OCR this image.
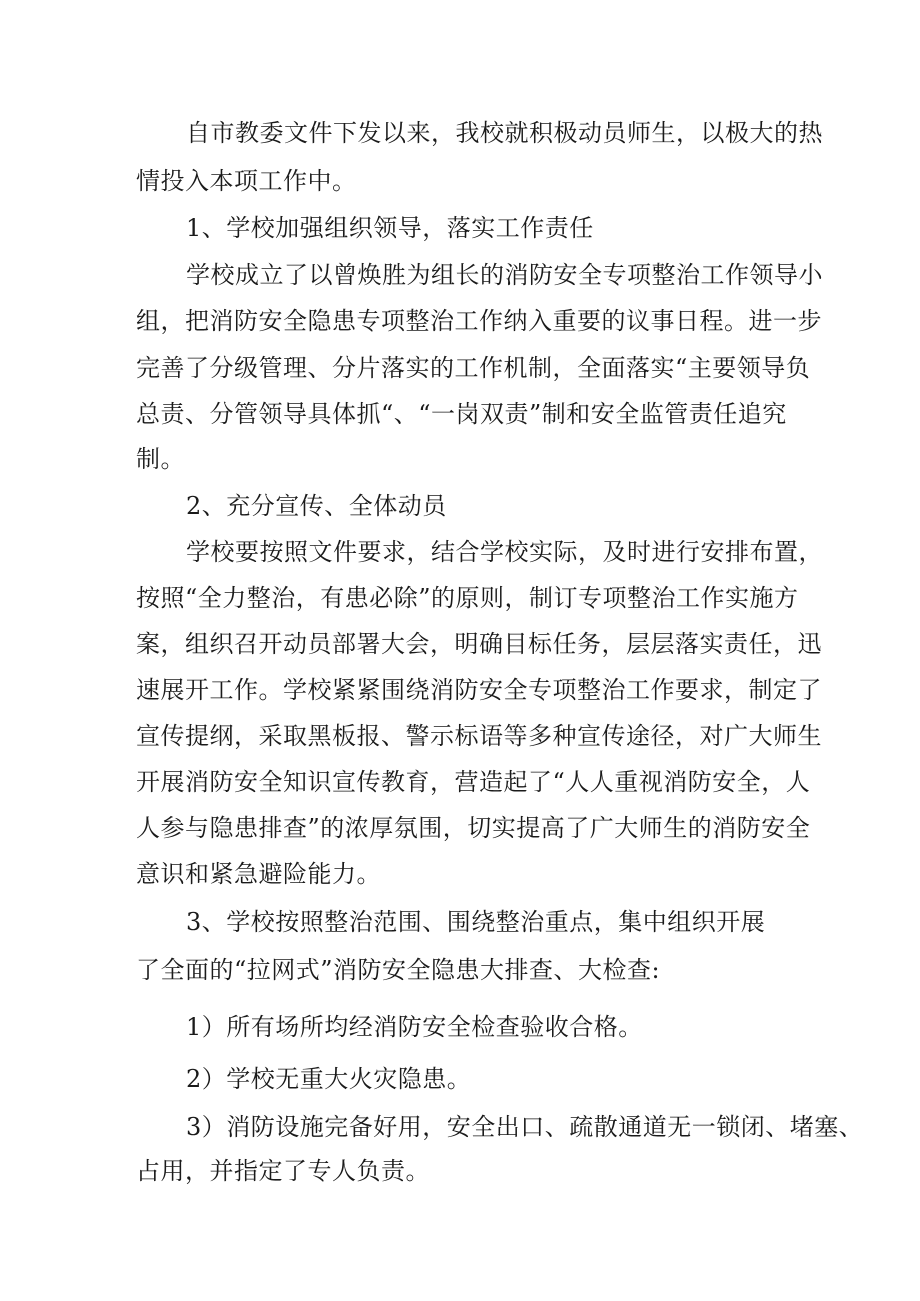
自市教委文件下发以来，我校就积极动员师生，以极大的热
情投入本项工作中。
1、学校加强组织领导，落实工作责任
学校成立了以曾焕胜为组长的消防安全专项整治工作领导小
组，把消防安全隐患专项整治工作纳入重要的议事日程。进一步
完善了分级管理、分片落实的工作机制，全面落实“主要领导负
总责、分管领导具体抓“、“一岗双责”制和安全监管责任追究
制。
2、充分宣传、全体动员
学校要按照文件要求，结合学校实际，及时进行安排布置，
按照“全力整治，有患必除”的原则，制订专项整治工作实施方
案，组织召开动员部署大会，明确目标任务，层层落实责任，迅
速展开工作。学校紧紧围绕消防安全专项整治工作要求，制定了
宣传提纲，采取黑板报、警示标语等多种宣传途径，对广大师生
开展消防安全知识宣传教育，营造起了“人人重视消防安全，人
人参与隐患排查”的浓厚氛围，切实提高了广大师生的消防安全
意识和紧急避险能力。
3、学校按照整治范围、围绕整治重点，集中组织开展
了全面的“拉网式”消防安全隐患大排查、大检查:
1）所有场所均经消防安全检查验收合格。
2）学校无重大火灾隐患。
3）消防设施完备好用，安全出口、疏散通道无一锁闭、堵塞、
占用，并指定了专人负责。
